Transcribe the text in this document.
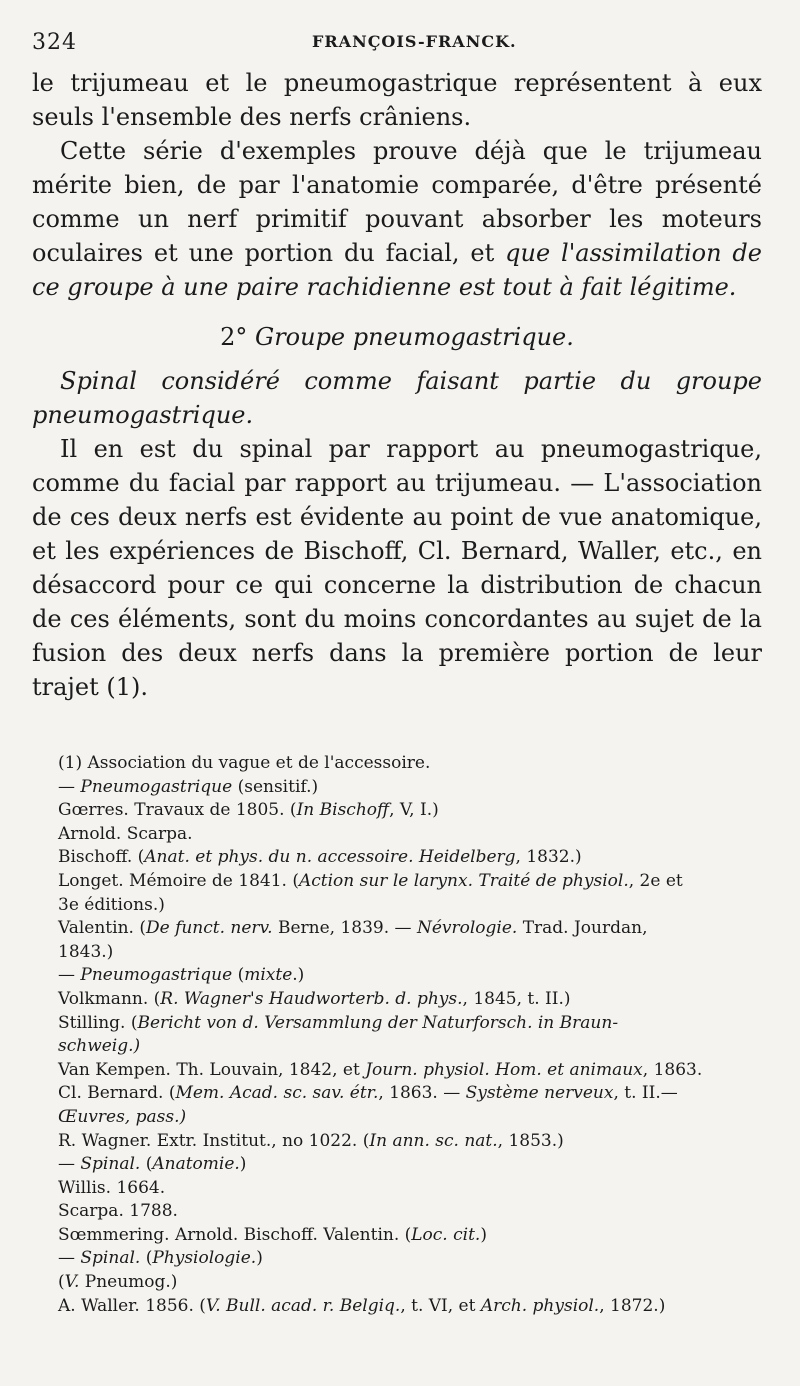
324	FRANÇOIS-FRANCK.

le trijumeau et le pneumogastrique représentent à eux seuls l'ensemble des nerfs crâniens.

Cette série d'exemples prouve déjà que le trijumeau mérite bien, de par l'anatomie comparée, d'être présenté comme un nerf primitif pouvant absorber les moteurs oculaires et une portion du facial, et que l'assimilation de ce groupe à une paire rachidienne est tout à fait légitime.

2° Groupe pneumogastrique.

Spinal considéré comme faisant partie du groupe pneumogastrique.

Il en est du spinal par rapport au pneumogastrique, comme du facial par rapport au trijumeau. — L'association de ces deux nerfs est évidente au point de vue anatomique, et les expériences de Bischoff, Cl. Bernard, Waller, etc., en désaccord pour ce qui concerne la distribution de chacun de ces éléments, sont du moins concordantes au sujet de la fusion des deux nerfs dans la première portion de leur trajet (1).

(1) Association du vague et de l'accessoire.

— Pneumogastrique (sensitif.)

Gœrres. Travaux de 1805. (In Bischoff, V, I.)

Arnold. Scarpa.

Bischoff. (Anat. et phys. du n. accessoire. Heidelberg, 1832.)

Longet. Mémoire de 1841. (Action sur le larynx. Traité de physiol., 2e et

3e éditions.)

Valentin. (De funct. nerv. Berne, 1839. — Névrologie. Trad. Jourdan,

1843.)

— Pneumogastrique (mixte.)

Volkmann. (R. Wagner's Haudworterb. d. phys., 1845, t. II.)

Stilling. (Bericht von d. Versammlung der Naturforsch. in Braun-

schweig.)

Van Kempen. Th. Louvain, 1842, et Journ. physiol. Hom. et animaux, 1863.

Cl. Bernard. (Mem. Acad. sc. sav. étr., 1863. — Système nerveux, t. II.—

Œuvres, pass.)

R. Wagner. Extr. Institut., no 1022. (In ann. sc. nat., 1853.)

— Spinal. (Anatomie.)

Willis. 1664.

Scarpa. 1788.

Sœmmering. Arnold. Bischoff. Valentin. (Loc. cit.)

— Spinal. (Physiologie.)

(V. Pneumog.)

A. Waller. 1856. (V. Bull. acad. r. Belgiq., t. VI, et Arch. physiol., 1872.)
